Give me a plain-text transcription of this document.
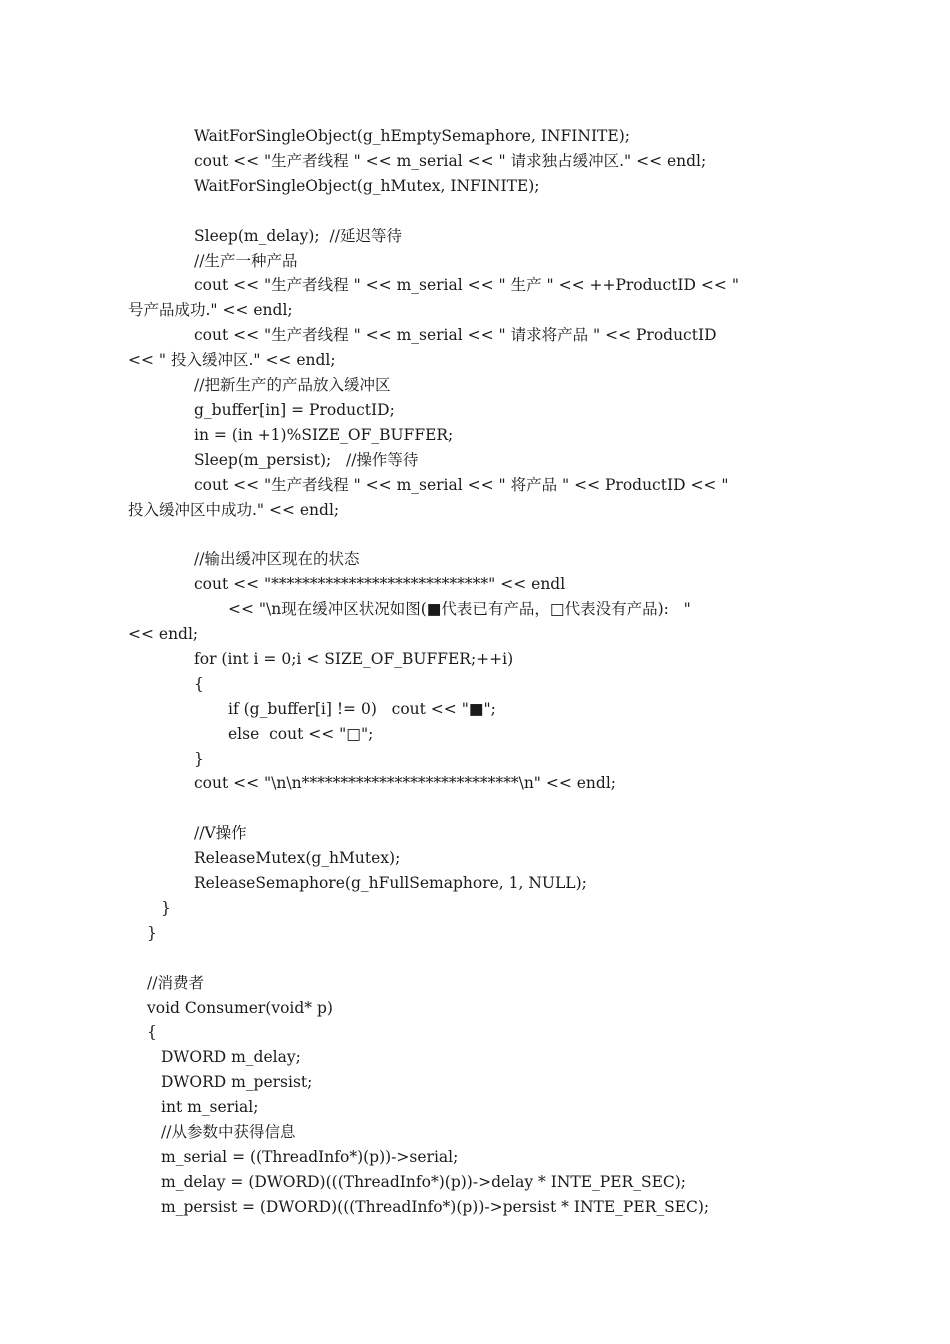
WaitForSingleObject(g_hEmptySemaphore, INFINITE);
cout << "生产者线程 " << m_serial << " 请求独占缓冲区." << endl;
WaitForSingleObject(g_hMutex, INFINITE);
Sleep(m_delay);  //延迟等待
//生产一种产品
cout << "生产者线程 " << m_serial << " 生产 " << ++ProductID << "
号产品成功." << endl;
cout << "生产者线程 " << m_serial << " 请求将产品 " << ProductID
<< " 投入缓冲区." << endl;
//把新生产的产品放入缓冲区
g_buffer[in] = ProductID;
in = (in +1)%SIZE_OF_BUFFER;
Sleep(m_persist);   //操作等待
cout << "生产者线程 " << m_serial << " 将产品 " << ProductID << "
投入缓冲区中成功." << endl;
//输出缓冲区现在的状态
cout << "****************************" << endl
<< "\n现在缓冲区状况如图(■代表已有产品，□代表没有产品):   "
<< endl;
for (int i = 0;i < SIZE_OF_BUFFER;++i)
{
if (g_buffer[i] != 0)   cout << "■";
else  cout << "□";
}
cout << "\n\n****************************\n" << endl;
//V操作
ReleaseMutex(g_hMutex);
ReleaseSemaphore(g_hFullSemaphore, 1, NULL);
}
}
//消费者
void Consumer(void* p)
{
DWORD m_delay;
DWORD m_persist;
int m_serial;
//从参数中获得信息
m_serial = ((ThreadInfo*)(p))->serial;
m_delay = (DWORD)(((ThreadInfo*)(p))->delay * INTE_PER_SEC);
m_persist = (DWORD)(((ThreadInfo*)(p))->persist * INTE_PER_SEC);
